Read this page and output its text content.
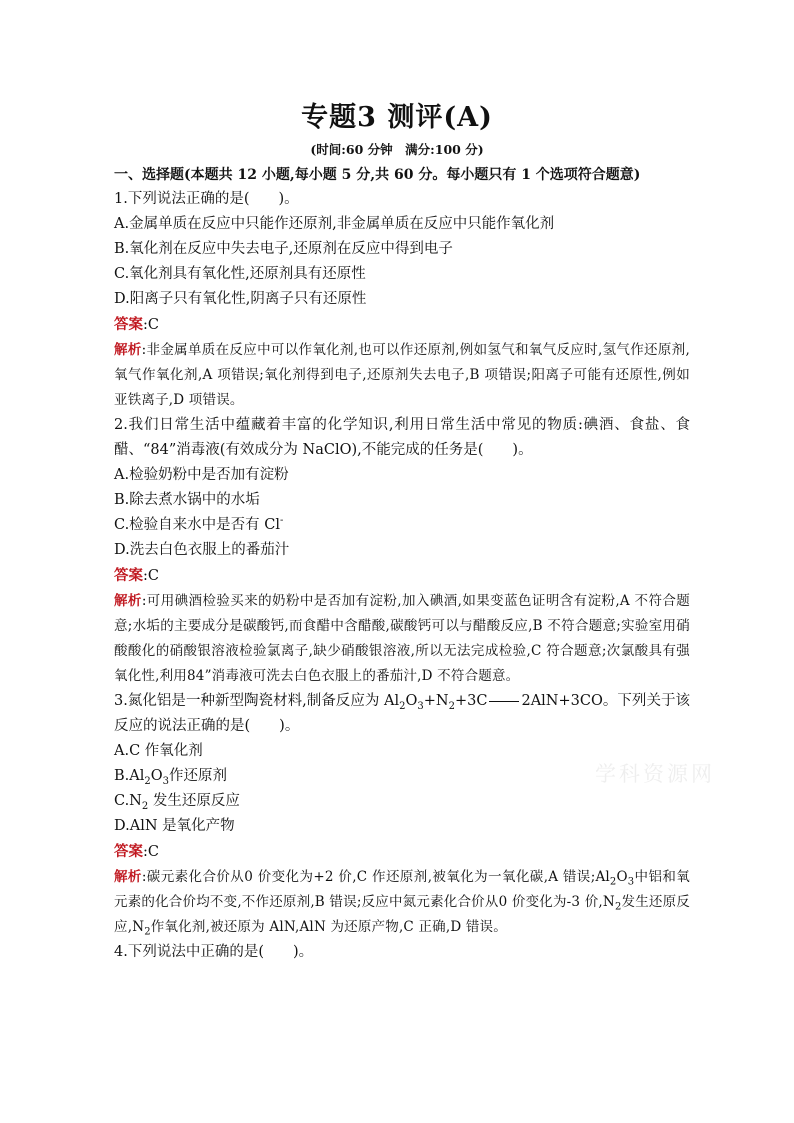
专题3 测评(A)
(时间:60 分钟　满分:100 分)
一、选择题(本题共 12 小题,每小题 5 分,共 60 分。每小题只有 1 个选项符合题意)
1.下列说法正确的是(　　)。
A.金属单质在反应中只能作还原剂,非金属单质在反应中只能作氧化剂
B.氧化剂在反应中失去电子,还原剂在反应中得到电子
C.氧化剂具有氧化性,还原剂具有还原性
D.阳离子只有氧化性,阴离子只有还原性
答案:C
解析:非金属单质在反应中可以作氧化剂,也可以作还原剂,例如氢气和氧气反应时,氢气作还原剂,氧气作氧化剂,A 项错误;氧化剂得到电子,还原剂失去电子,B 项错误;阳离子可能有还原性,例如亚铁离子,D 项错误。
2.我们日常生活中蕴藏着丰富的化学知识,利用日常生活中常见的物质:碘酒、食盐、食醋、“84”消毒液(有效成分为 NaClO),不能完成的任务是(　　)。
A.检验奶粉中是否加有淀粉
B.除去煮水锅中的水垢
C.检验自来水中是否有 Cl-
D.洗去白色衣服上的番茄汁
答案:C
解析:可用碘酒检验买来的奶粉中是否加有淀粉,加入碘酒,如果变蓝色证明含有淀粉,A 不符合题意;水垢的主要成分是碳酸钙,而食醋中含醋酸,碳酸钙可以与醋酸反应,B 不符合题意;实验室用硝酸酸化的硝酸银溶液检验氯离子,缺少硝酸银溶液,所以无法完成检验,C 符合题意;次氯酸具有强氧化性,利用84”消毒液可洗去白色衣服上的番茄汁,D 不符合题意。
3.氮化铝是一种新型陶瓷材料,制备反应为 $Al_2O_3+N_2+3C$ 2AlN+3CO。下列关于该反应的说法正确的是(　　)。
A.C 作氧化剂
$B.Al_2O_3$作还原剂
$C.N_2$ 发生还原反应
D.AlN 是氧化产物
答案:C
解析:碳元素化合价从0 价变化为+2 价,C 作还原剂,被氧化为一氧化碳,A 错误$;Al_2O_3$中铝和氧元素的化合价均不变,不作还原剂,B 错误;反应中氮元素化合价从0 价变化为-3 价$,N_2$发生还原反应$,N_2$作氧化剂,被还原为 AlN,AlN 为还原产物,C 正确,D 错误。
4.下列说法中正确的是(　　)。
学科资源网
